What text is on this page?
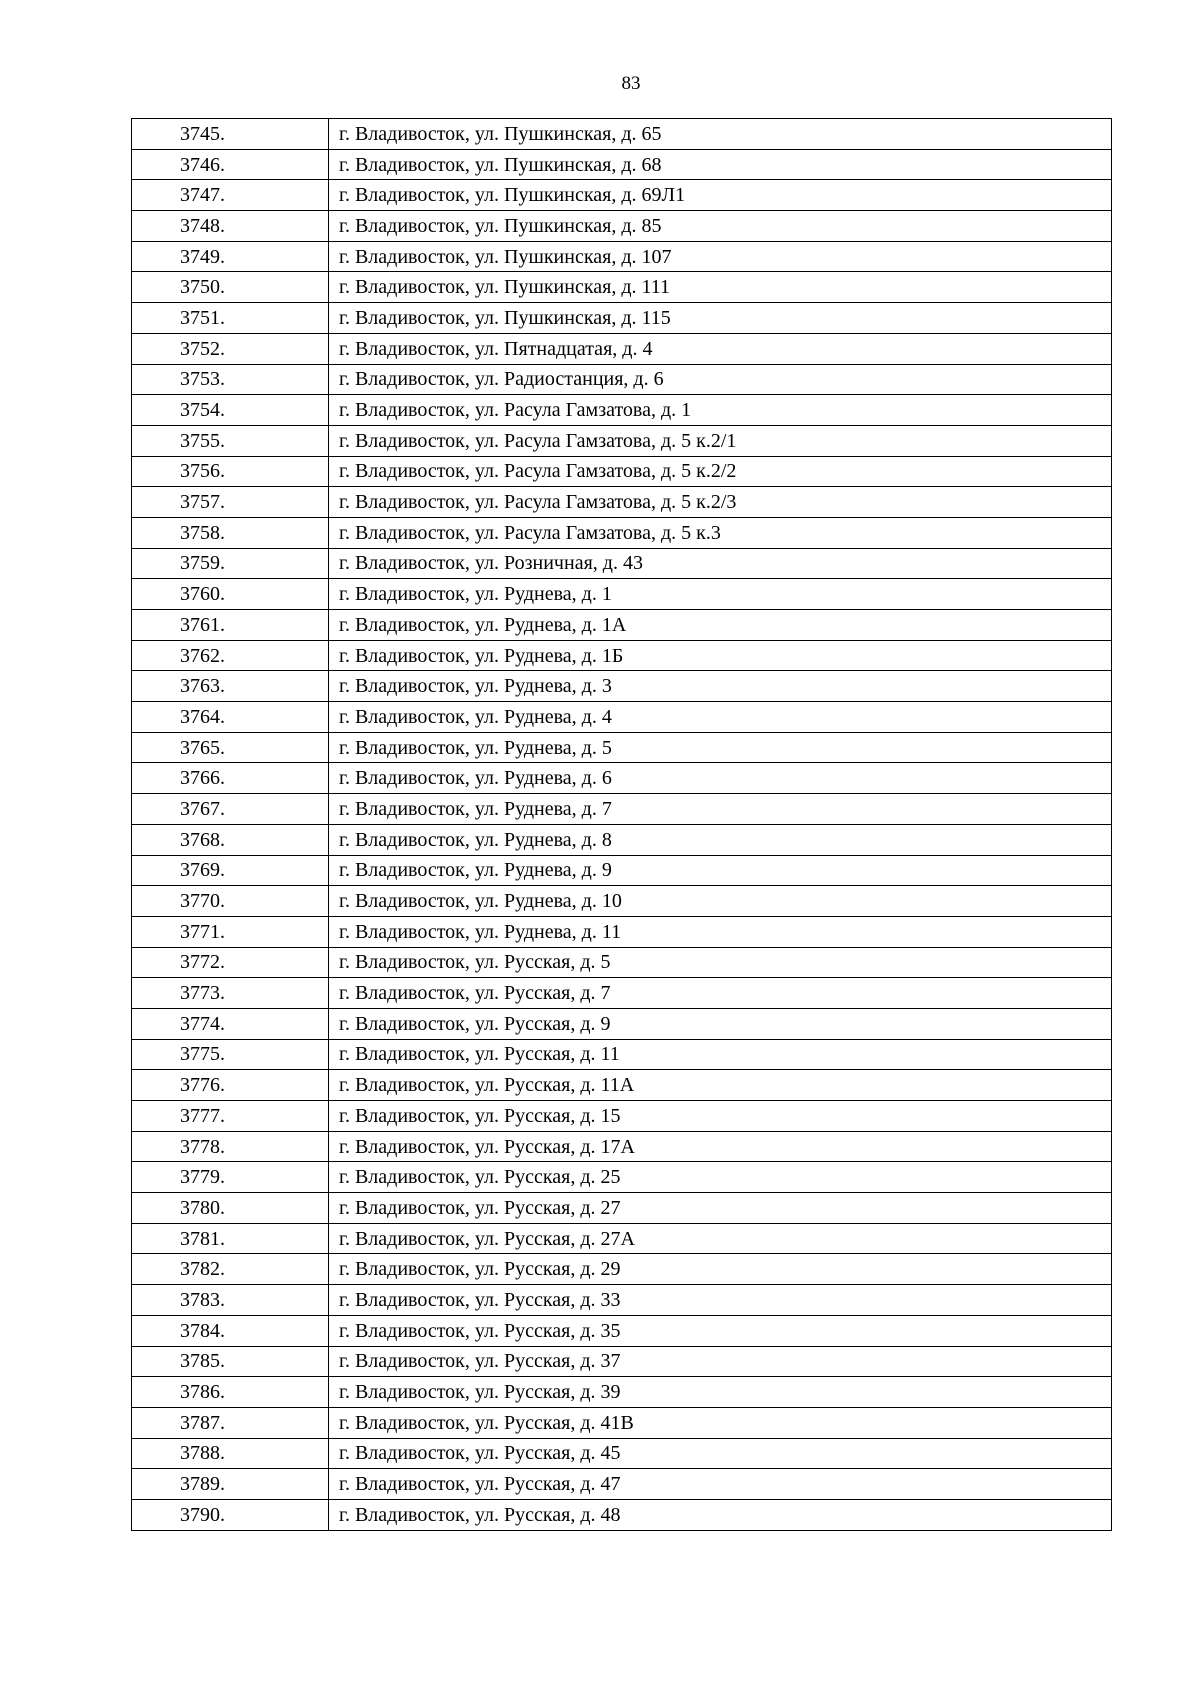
83
3745.	г. Владивосток, ул. Пушкинская, д. 65
3746.	г. Владивосток, ул. Пушкинская, д. 68
3747.	г. Владивосток, ул. Пушкинская, д. 69Л1
3748.	г. Владивосток, ул. Пушкинская, д. 85
3749.	г. Владивосток, ул. Пушкинская, д. 107
3750.	г. Владивосток, ул. Пушкинская, д. 111
3751.	г. Владивосток, ул. Пушкинская, д. 115
3752.	г. Владивосток, ул. Пятнадцатая, д. 4
3753.	г. Владивосток, ул. Радиостанция, д. 6
3754.	г. Владивосток, ул. Расула Гамзатова, д. 1
3755.	г. Владивосток, ул. Расула Гамзатова, д. 5 к.2/1
3756.	г. Владивосток, ул. Расула Гамзатова, д. 5 к.2/2
3757.	г. Владивосток, ул. Расула Гамзатова, д. 5 к.2/3
3758.	г. Владивосток, ул. Расула Гамзатова, д. 5 к.3
3759.	г. Владивосток, ул. Розничная, д. 43
3760.	г. Владивосток, ул. Руднева, д. 1
3761.	г. Владивосток, ул. Руднева, д. 1А
3762.	г. Владивосток, ул. Руднева, д. 1Б
3763.	г. Владивосток, ул. Руднева, д. 3
3764.	г. Владивосток, ул. Руднева, д. 4
3765.	г. Владивосток, ул. Руднева, д. 5
3766.	г. Владивосток, ул. Руднева, д. 6
3767.	г. Владивосток, ул. Руднева, д. 7
3768.	г. Владивосток, ул. Руднева, д. 8
3769.	г. Владивосток, ул. Руднева, д. 9
3770.	г. Владивосток, ул. Руднева, д. 10
3771.	г. Владивосток, ул. Руднева, д. 11
3772.	г. Владивосток, ул. Русская, д. 5
3773.	г. Владивосток, ул. Русская, д. 7
3774.	г. Владивосток, ул. Русская, д. 9
3775.	г. Владивосток, ул. Русская, д. 11
3776.	г. Владивосток, ул. Русская, д. 11А
3777.	г. Владивосток, ул. Русская, д. 15
3778.	г. Владивосток, ул. Русская, д. 17А
3779.	г. Владивосток, ул. Русская, д. 25
3780.	г. Владивосток, ул. Русская, д. 27
3781.	г. Владивосток, ул. Русская, д. 27А
3782.	г. Владивосток, ул. Русская, д. 29
3783.	г. Владивосток, ул. Русская, д. 33
3784.	г. Владивосток, ул. Русская, д. 35
3785.	г. Владивосток, ул. Русская, д. 37
3786.	г. Владивосток, ул. Русская, д. 39
3787.	г. Владивосток, ул. Русская, д. 41В
3788.	г. Владивосток, ул. Русская, д. 45
3789.	г. Владивосток, ул. Русская, д. 47
3790.	г. Владивосток, ул. Русская, д. 48
